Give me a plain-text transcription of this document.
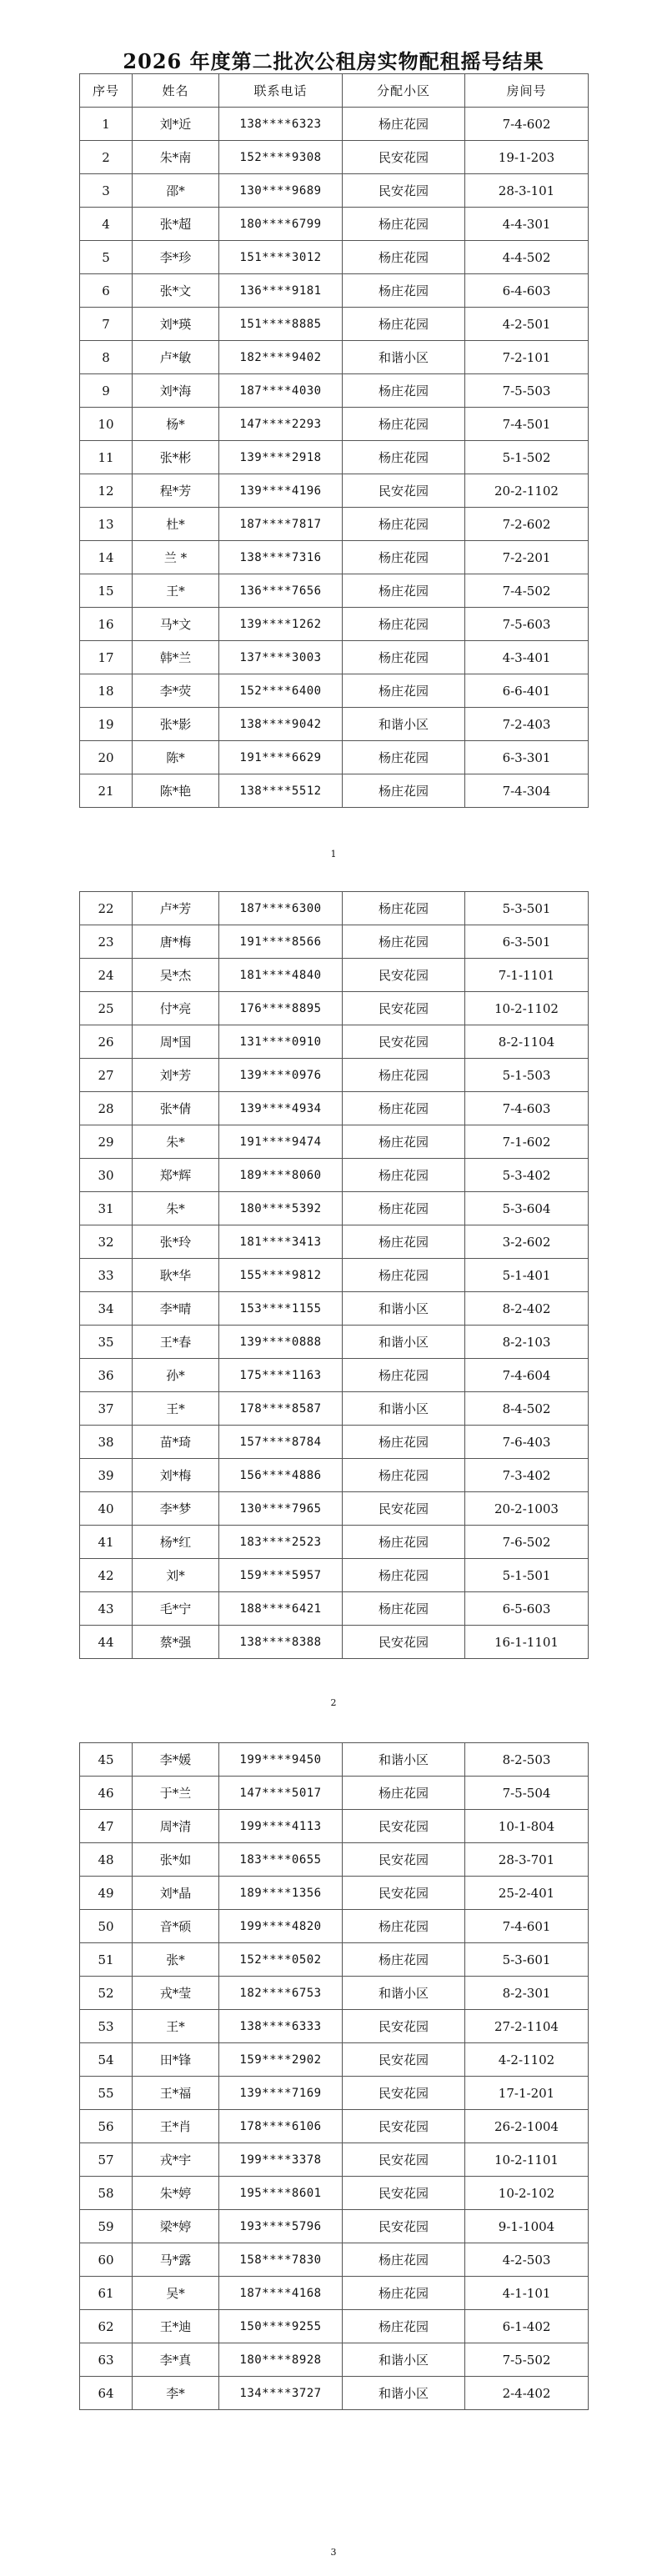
2026 年度第二批次公租房实物配租摇号结果
序号	姓名	联系电话	分配小区	房间号
1	刘*近	138****6323	杨庄花园	7-4-602
2	朱*南	152****9308	民安花园	19-1-203
3	邵*	130****9689	民安花园	28-3-101
4	张*超	180****6799	杨庄花园	4-4-301
5	李*珍	151****3012	杨庄花园	4-4-502
6	张*文	136****9181	杨庄花园	6-4-603
7	刘*瑛	151****8885	杨庄花园	4-2-501
8	卢*敏	182****9402	和谐小区	7-2-101
9	刘*海	187****4030	杨庄花园	7-5-503
10	杨*	147****2293	杨庄花园	7-4-501
11	张*彬	139****2918	杨庄花园	5-1-502
12	程*芳	139****4196	民安花园	20-2-1102
13	杜*	187****7817	杨庄花园	7-2-602
14	兰 *	138****7316	杨庄花园	7-2-201
15	王*	136****7656	杨庄花园	7-4-502
16	马*文	139****1262	杨庄花园	7-5-603
17	韩*兰	137****3003	杨庄花园	4-3-401
18	李*荧	152****6400	杨庄花园	6-6-401
19	张*影	138****9042	和谐小区	7-2-403
20	陈*	191****6629	杨庄花园	6-3-301
21	陈*艳	138****5512	杨庄花园	7-4-304

1

22	卢*芳	187****6300	杨庄花园	5-3-501
23	唐*梅	191****8566	杨庄花园	6-3-501
24	吴*杰	181****4840	民安花园	7-1-1101
25	付*亮	176****8895	民安花园	10-2-1102
26	周*国	131****0910	民安花园	8-2-1104
27	刘*芳	139****0976	杨庄花园	5-1-503
28	张*倩	139****4934	杨庄花园	7-4-603
29	朱*	191****9474	杨庄花园	7-1-602
30	郑*辉	189****8060	杨庄花园	5-3-402
31	朱*	180****5392	杨庄花园	5-3-604
32	张*玲	181****3413	杨庄花园	3-2-602
33	耿*华	155****9812	杨庄花园	5-1-401
34	李*晴	153****1155	和谐小区	8-2-402
35	王*春	139****0888	和谐小区	8-2-103
36	孙*	175****1163	杨庄花园	7-4-604
37	王*	178****8587	和谐小区	8-4-502
38	苗*琦	157****8784	杨庄花园	7-6-403
39	刘*梅	156****4886	杨庄花园	7-3-402
40	李*梦	130****7965	民安花园	20-2-1003
41	杨*红	183****2523	杨庄花园	7-6-502
42	刘*	159****5957	杨庄花园	5-1-501
43	毛*宁	188****6421	杨庄花园	6-5-603
44	蔡*强	138****8388	民安花园	16-1-1101

2

45	李*媛	199****9450	和谐小区	8-2-503
46	于*兰	147****5017	杨庄花园	7-5-504
47	周*清	199****4113	民安花园	10-1-804
48	张*如	183****0655	民安花园	28-3-701
49	刘*晶	189****1356	民安花园	25-2-401
50	音*硕	199****4820	杨庄花园	7-4-601
51	张*	152****0502	杨庄花园	5-3-601
52	戎*莹	182****6753	和谐小区	8-2-301
53	王*	138****6333	民安花园	27-2-1104
54	田*锋	159****2902	民安花园	4-2-1102
55	王*福	139****7169	民安花园	17-1-201
56	王*肖	178****6106	民安花园	26-2-1004
57	戎*宇	199****3378	民安花园	10-2-1101
58	朱*婷	195****8601	民安花园	10-2-102
59	梁*婷	193****5796	民安花园	9-1-1004
60	马*露	158****7830	杨庄花园	4-2-503
61	吴*	187****4168	杨庄花园	4-1-101
62	王*迪	150****9255	杨庄花园	6-1-402
63	李*真	180****8928	和谐小区	7-5-502
64	李*	134****3727	和谐小区	2-4-402

3
